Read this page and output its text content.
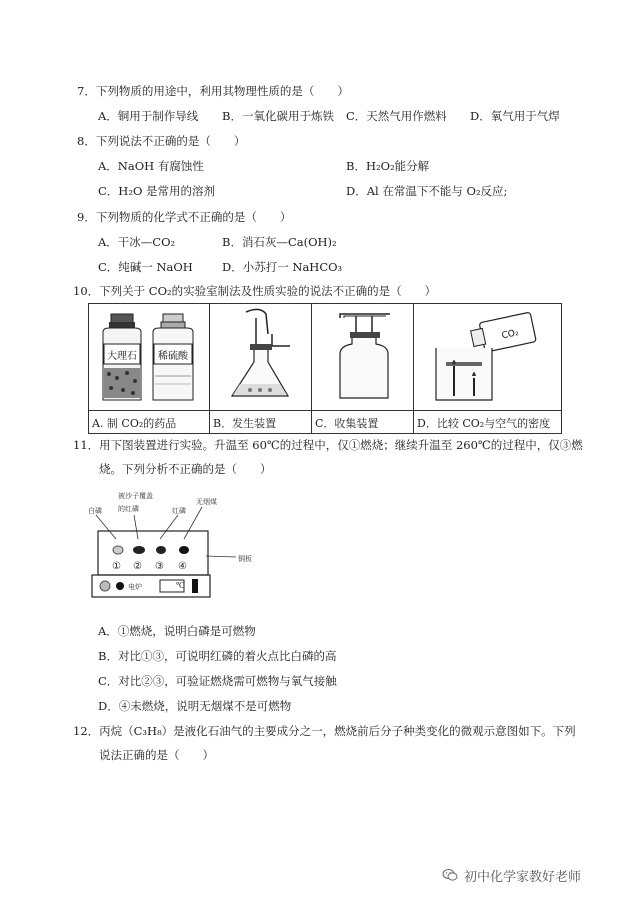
7．下列物质的用途中，利用其物理性质的是（　　）
A．铜用于制作导线 B．一氧化碳用于炼铁 C．天然气用作燃料 D．氧气用于气焊
8．下列说法不正确的是（　　）
A．NaOH 有腐蚀性	B．H₂O₂能分解
C．H₂O 是常用的溶剂	D．Al 在常温下不能与 O₂反应;
9．下列物质的化学式不正确的是（　　）
A．干冰—CO₂	B．消石灰—Ca(OH)₂
C．纯碱一 NaOH	D．小苏打一 NaHCO₃
10．下列关于 CO₂的实验室制法及性质实验的说法不正确的是（　　）
大理石 稀硫酸			CO₂

A. 制 CO₂的药品	B．发生装置	C．收集装置	D．比较 CO₂与空气的密度
11．用下图装置进行实验。升温至 60℃的过程中，仅①燃烧；继续升温至 260℃的过程中，仅③燃
烧。下列分析不正确的是（　　）
白磷
被沙子覆盖
的红磷	红磷
无烟煤
铜板
① ② ③ ④
电炉	℃
A．①燃烧，说明白磷是可燃物
B．对比①③，可说明红磷的着火点比白磷的高
C．对比②③，可验证燃烧需可燃物与氧气接触
D．④未燃烧，说明无烟煤不是可燃物
12．丙烷（C₃H₈）是液化石油气的主要成分之一，燃烧前后分子种类变化的微观示意图如下。下列
说法正确的是（　　）
初中化学家教好老师
